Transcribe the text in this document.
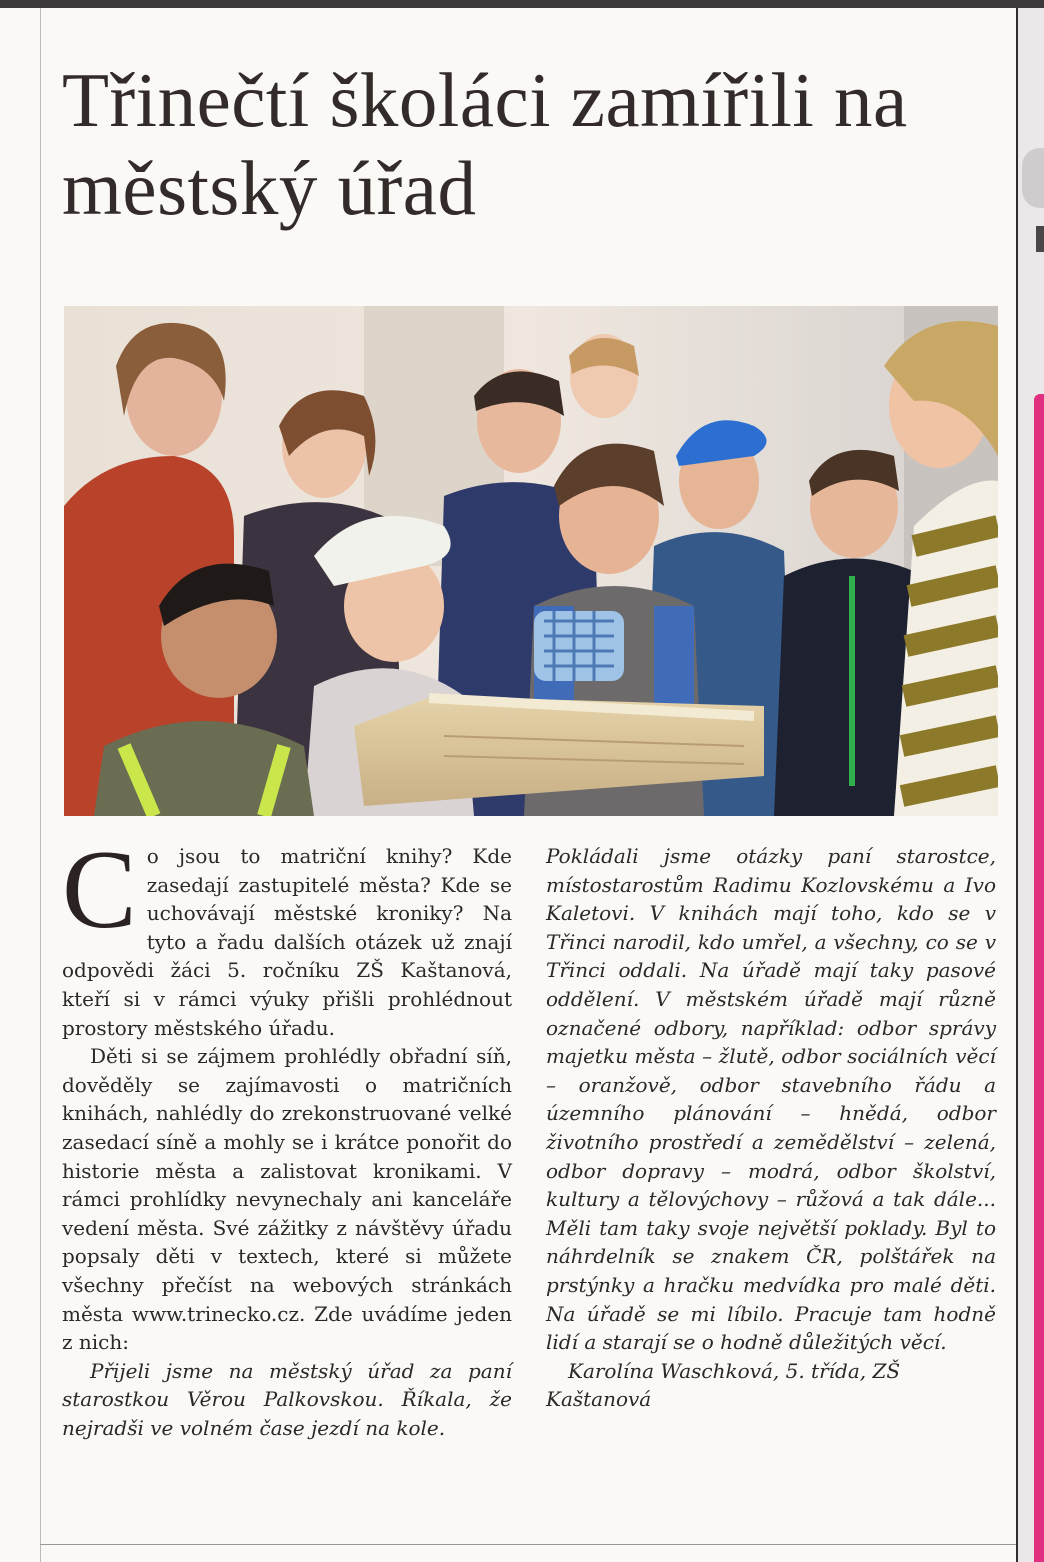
Třinečtí školáci zamířili na městský úřad

Co jsou to matriční knihy? Kde zasedají zastupitelé města? Kde se uchovávají městské kroniky? Na tyto a řadu dalších otázek už znají odpovědi žáci 5. ročníku ZŠ Kaštanová, kteří si v rámci výuky přišli prohlédnout prostory městského úřadu.

Děti si se zájmem prohlédly obřadní síň, dověděly se zajímavosti o matričních knihách, nahlédly do zrekonstruované velké zasedací síně a mohly se i krátce ponořit do historie města a zalistovat kronikami. V rámci prohlídky nevynechaly ani kanceláře vedení města. Své zážitky z návštěvy úřadu popsaly děti v textech, které si můžete všechny přečíst na webových stránkách města www.trinecko.cz. Zde uvádíme jeden z nich:

Přijeli jsme na městský úřad za paní starostkou Věrou Palkovskou. Říkala, že nejradši ve volném čase jezdí na kole.

Pokládali jsme otázky paní starostce, místostarostům Radimu Kozlovskému a Ivo Kaletovi. V knihách mají toho, kdo se v Třinci narodil, kdo umřel, a všechny, co se v Třinci oddali. Na úřadě mají taky pasové oddělení. V městském úřadě mají různě označené odbory, například: odbor správy majetku města – žlutě, odbor sociálních věcí – oranžově, odbor stavebního řádu a územního plánování – hnědá, odbor životního prostředí a zemědělství – zelená, odbor dopravy – modrá, odbor školství, kultury a tělovýchovy – růžová a tak dále... Měli tam taky svoje největší poklady. Byl to náhrdelník se znakem ČR, polštářek na prstýnky a hračku medvídka pro malé děti. Na úřadě se mi líbilo. Pracuje tam hodně lidí a starají se o hodně důležitých věcí.

Karolína Waschková, 5. třída, ZŠ Kaštanová
